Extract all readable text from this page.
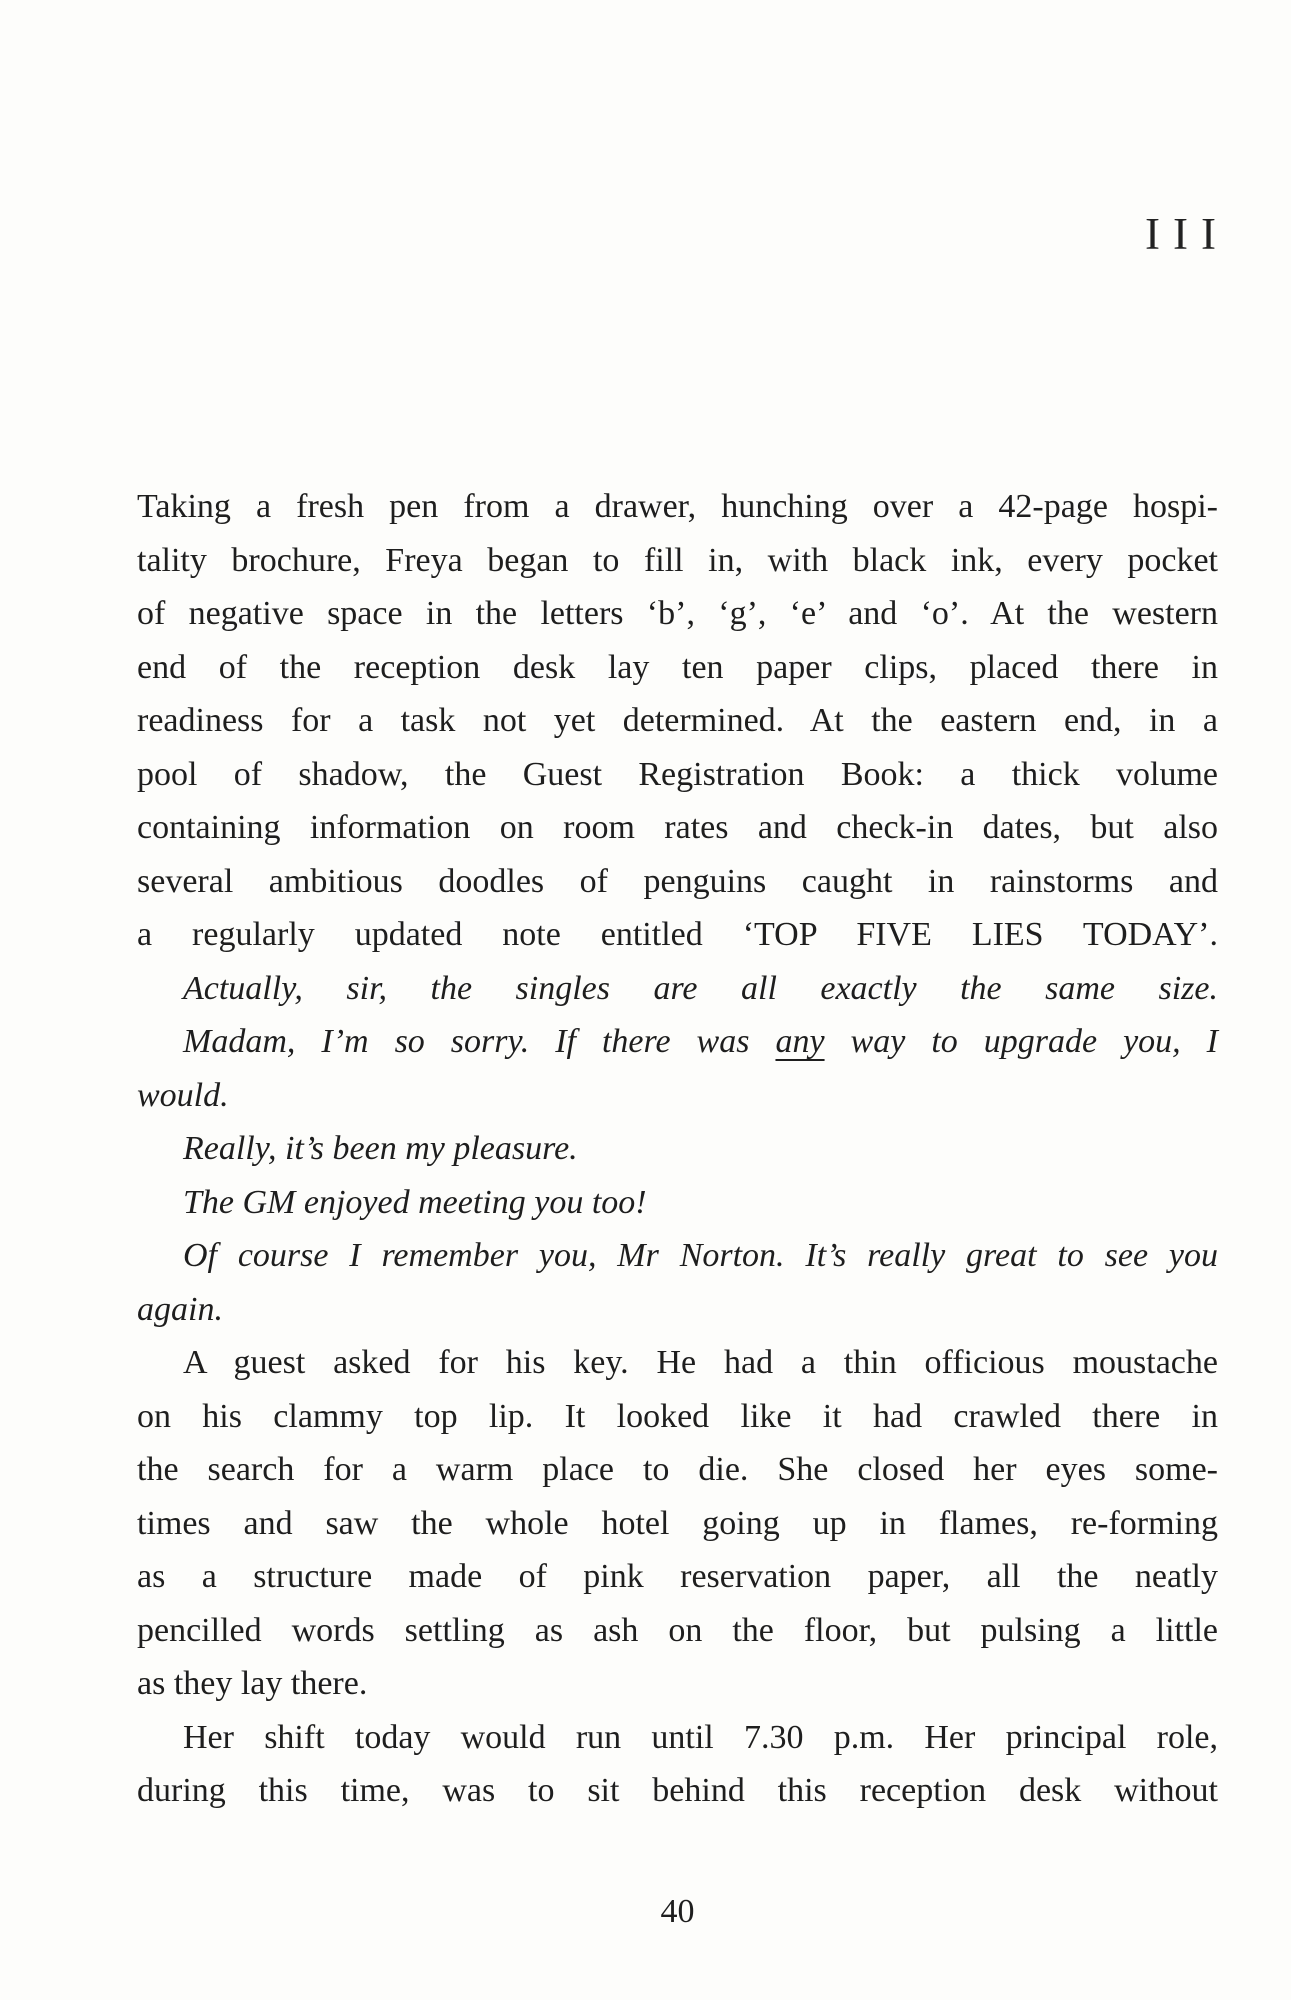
III
Taking a fresh pen from a drawer, hunching over a 42-page hospi-
tality brochure, Freya began to fill in, with black ink, every pocket
of negative space in the letters ‘b’, ‘g’, ‘e’ and ‘o’. At the western
end of the reception desk lay ten paper clips, placed there in
readiness for a task not yet determined. At the eastern end, in a
pool of shadow, the Guest Registration Book: a thick volume
containing information on room rates and check-in dates, but also
several ambitious doodles of penguins caught in rainstorms and
a regularly updated note entitled ‘TOP FIVE LIES TODAY’.
Actually, sir, the singles are all exactly the same size.
Madam, I’m so sorry. If there was any way to upgrade you, I
would.
Really, it’s been my pleasure.
The GM enjoyed meeting you too!
Of course I remember you, Mr Norton. It’s really great to see you
again.
A guest asked for his key. He had a thin officious moustache
on his clammy top lip. It looked like it had crawled there in
the search for a warm place to die. She closed her eyes some-
times and saw the whole hotel going up in flames, re-forming
as a structure made of pink reservation paper, all the neatly
pencilled words settling as ash on the floor, but pulsing a little
as they lay there.
Her shift today would run until 7.30 p.m. Her principal role,
during this time, was to sit behind this reception desk without
40
